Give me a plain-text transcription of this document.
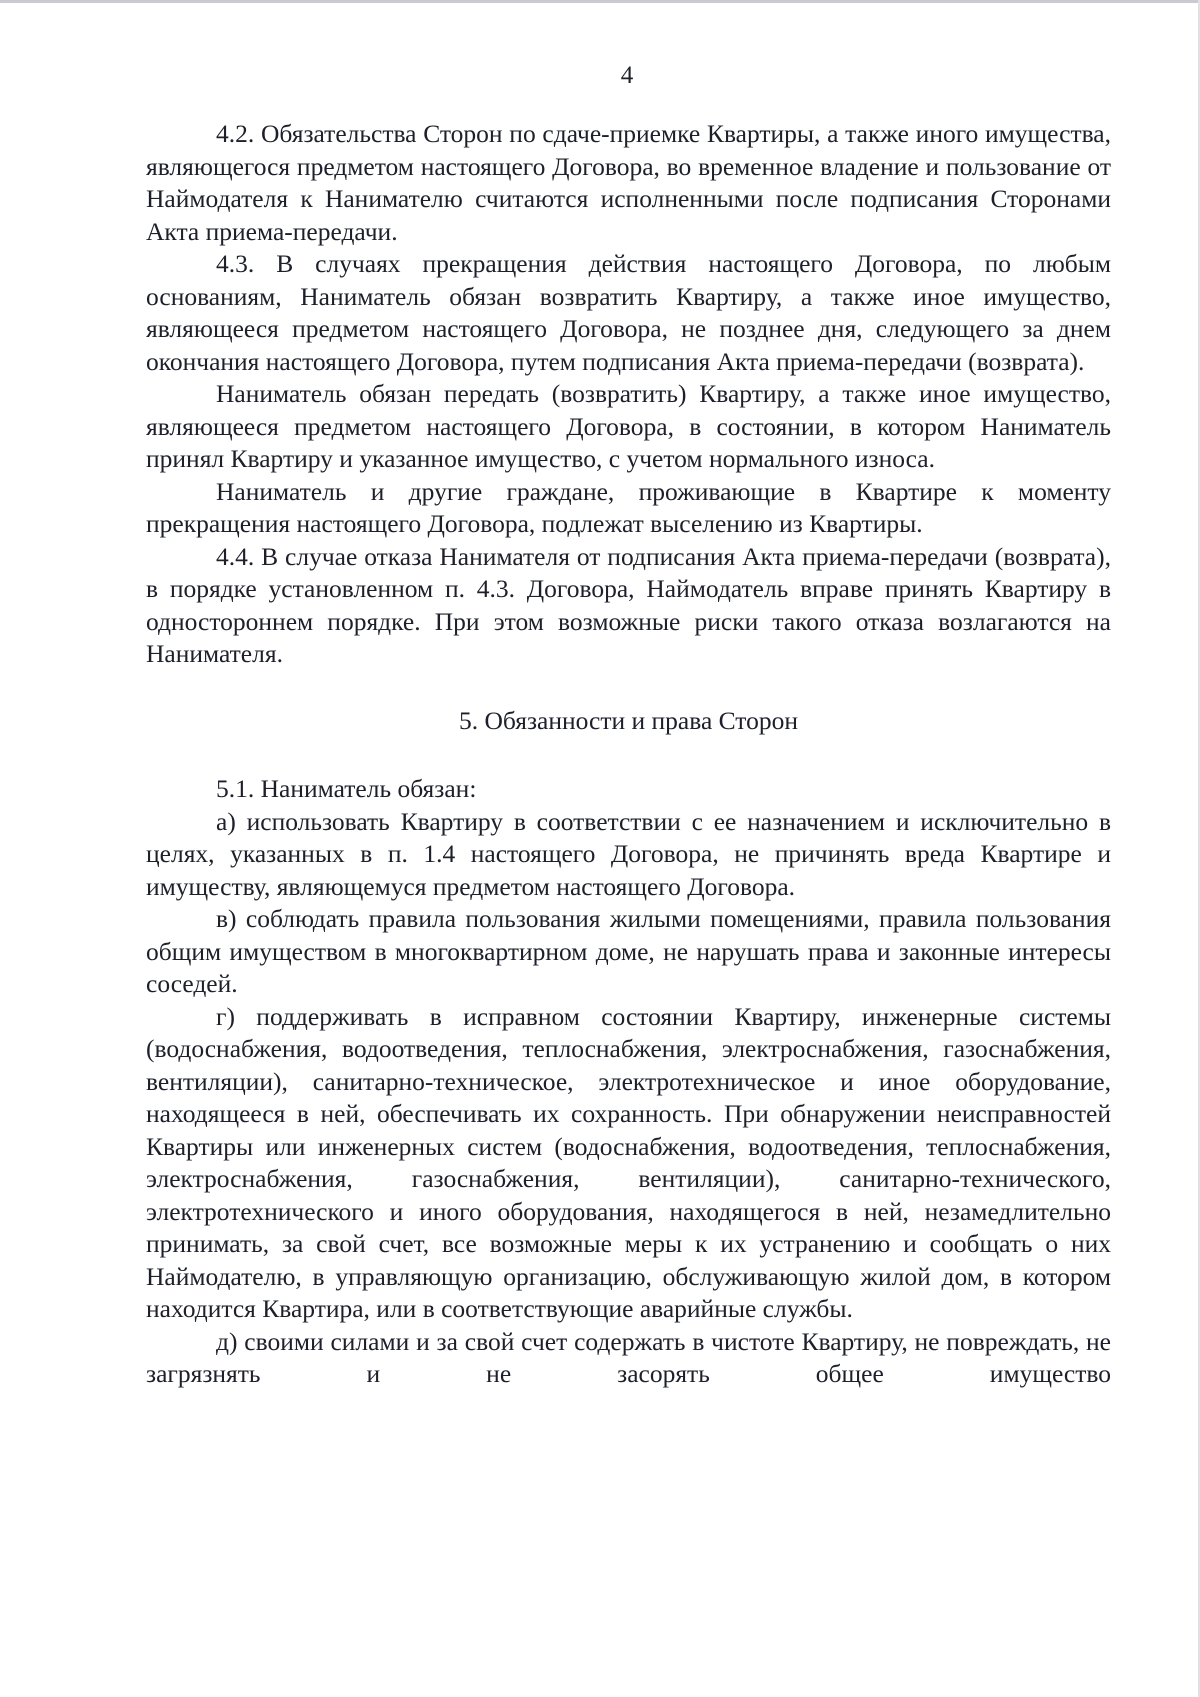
4

4.2. Обязательства Сторон по сдаче-приемке Квартиры, а также иного имущества, являющегося предметом настоящего Договора, во временное владение и пользование от Наймодателя к Нанимателю считаются исполненными после подписания Сторонами Акта приема-передачи.

4.3. В случаях прекращения действия настоящего Договора, по любым основаниям, Наниматель обязан возвратить Квартиру, а также иное имущество, являющееся предметом настоящего Договора, не позднее дня, следующего за днем окончания настоящего Договора, путем подписания Акта приема-передачи (возврата).

Наниматель обязан передать (возвратить) Квартиру, а также иное имущество, являющееся предметом настоящего Договора, в состоянии, в котором Наниматель принял Квартиру и указанное имущество, с учетом нормального износа.

Наниматель и другие граждане, проживающие в Квартире к моменту прекращения настоящего Договора, подлежат выселению из Квартиры.

4.4. В случае отказа Нанимателя от подписания Акта приема-передачи (возврата), в порядке установленном п. 4.3. Договора, Наймодатель вправе принять Квартиру в одностороннем порядке. При этом возможные риски такого отказа возлагаются на Нанимателя.

5. Обязанности и права Сторон

5.1. Наниматель обязан:

а) использовать Квартиру в соответствии с ее назначением и исключительно в целях, указанных в п. 1.4 настоящего Договора, не причинять вреда Квартире и имуществу, являющемуся предметом настоящего Договора.

в) соблюдать правила пользования жилыми помещениями, правила пользования общим имуществом в многоквартирном доме, не нарушать права и законные интересы соседей.

г) поддерживать в исправном состоянии Квартиру, инженерные системы (водоснабжения, водоотведения, теплоснабжения, электроснабжения, газоснабжения, вентиляции), санитарно-техническое, электротехническое и иное оборудование, находящееся в ней, обеспечивать их сохранность. При обнаружении неисправностей Квартиры или инженерных систем (водоснабжения, водоотведения, теплоснабжения, электроснабжения, газоснабжения, вентиляции), санитарно-технического, электротехнического и иного оборудования, находящегося в ней, незамедлительно принимать, за свой счет, все возможные меры к их устранению и сообщать о них Наймодателю, в управляющую организацию, обслуживающую жилой дом, в котором находится Квартира, или в соответствующие аварийные службы.

д) своими силами и за свой счет содержать в чистоте Квартиру, не повреждать, не загрязнять и не засорять общее имущество
